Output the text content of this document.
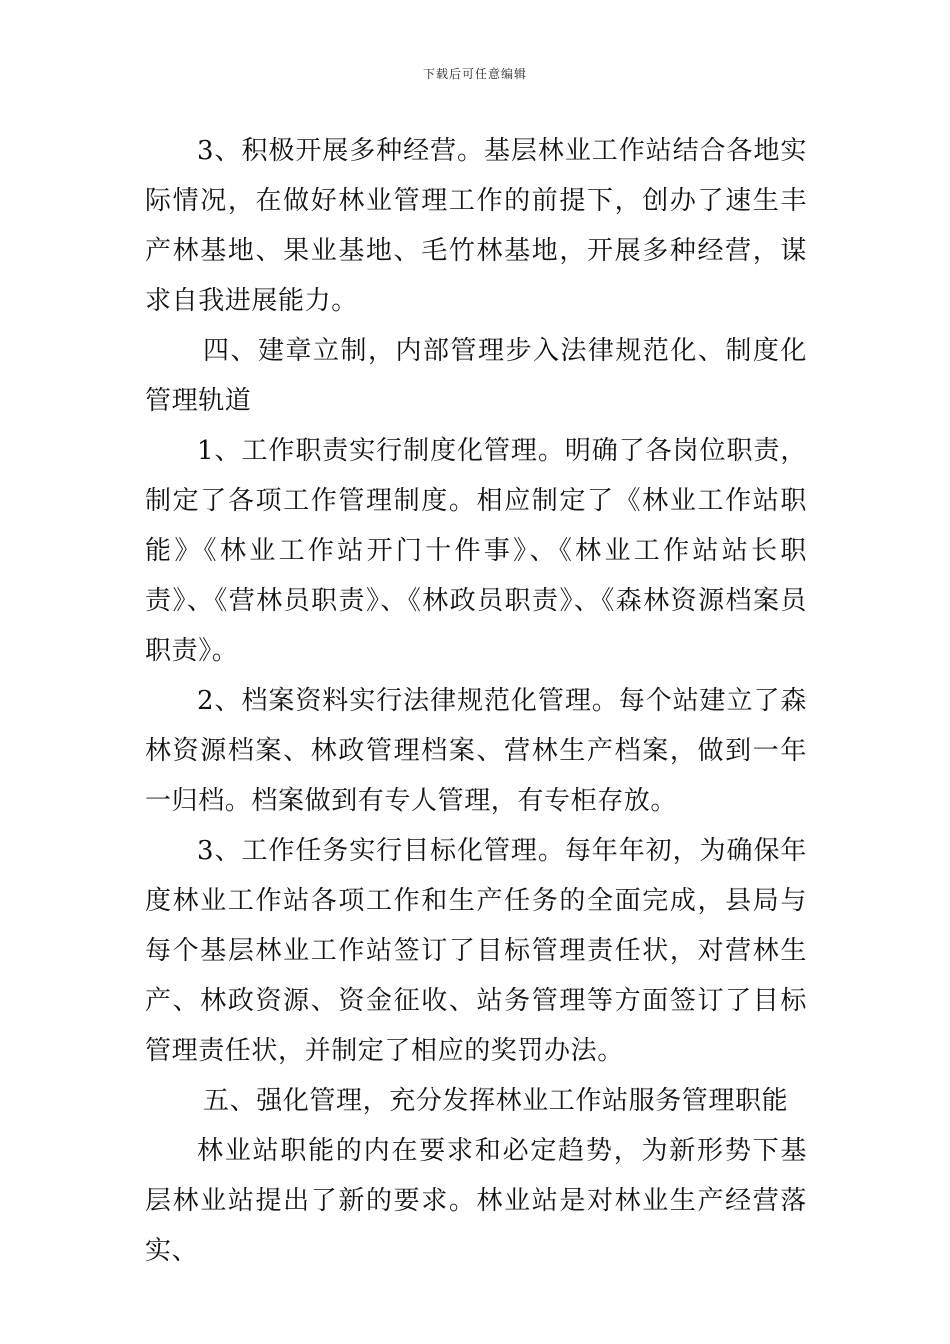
下载后可任意编辑

3、积极开展多种经营。基层林业工作站结合各地实际情况，在做好林业管理工作的前提下，创办了速生丰产林基地、果业基地、毛竹林基地，开展多种经营，谋求自我进展能力。

四、建章立制，内部管理步入法律规范化、制度化管理轨道

1、工作职责实行制度化管理。明确了各岗位职责，制定了各项工作管理制度。相应制定了《林业工作站职能》《林业工作站开门十件事》、《林业工作站站长职责》、《营林员职责》、《林政员职责》、《森林资源档案员职责》。

2、档案资料实行法律规范化管理。每个站建立了森林资源档案、林政管理档案、营林生产档案，做到一年一归档。档案做到有专人管理，有专柜存放。

3、工作任务实行目标化管理。每年年初，为确保年度林业工作站各项工作和生产任务的全面完成，县局与每个基层林业工作站签订了目标管理责任状，对营林生产、林政资源、资金征收、站务管理等方面签订了目标管理责任状，并制定了相应的奖罚办法。

五、强化管理，充分发挥林业工作站服务管理职能

林业站职能的内在要求和必定趋势，为新形势下基层林业站提出了新的要求。林业站是对林业生产经营落实、
